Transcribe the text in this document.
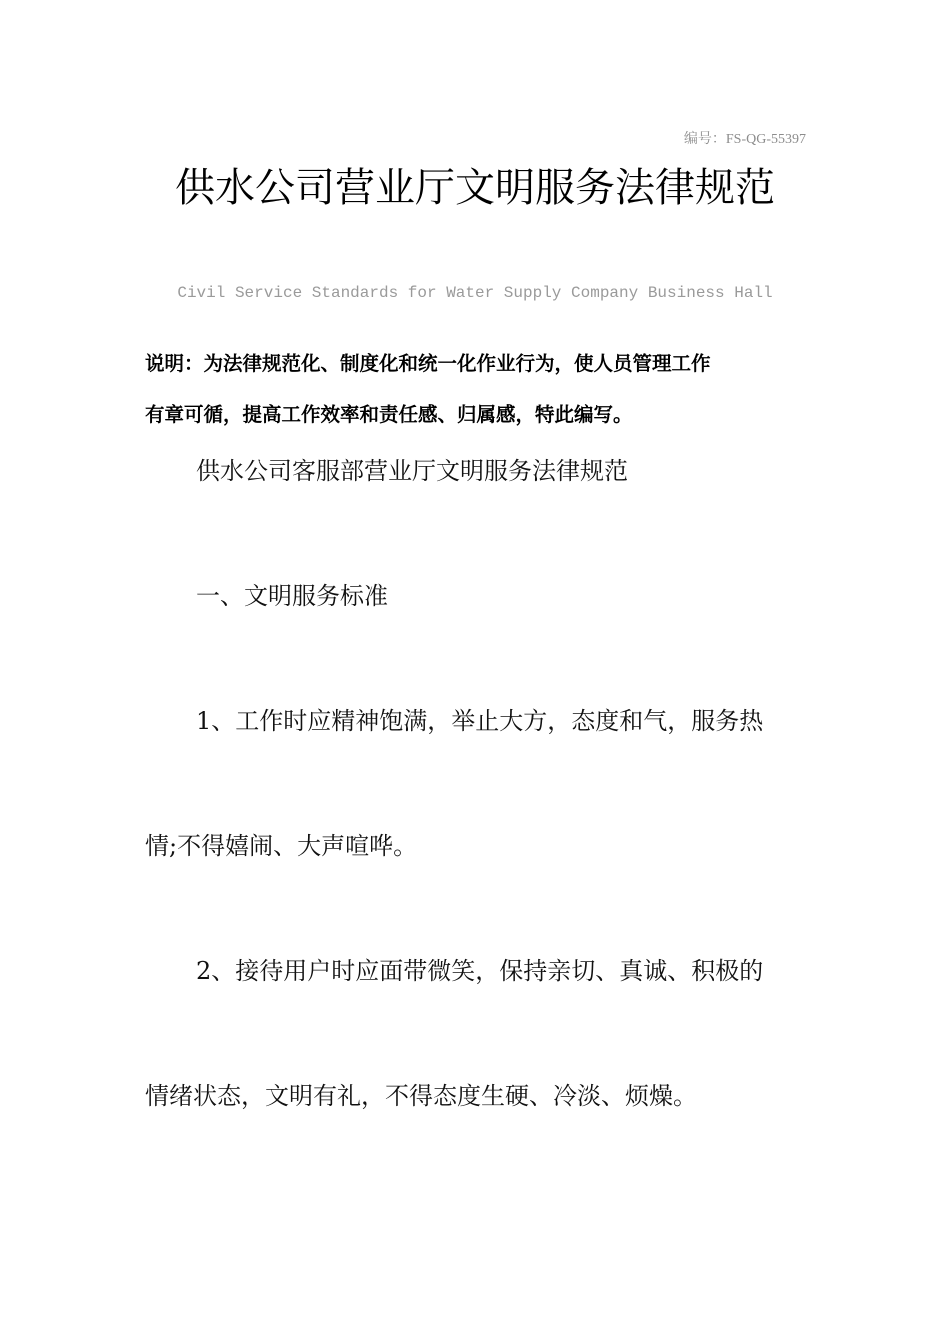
编号：FS-QG-55397
供水公司营业厅文明服务法律规范
Civil Service Standards for Water Supply Company Business Hall
说明：为法律规范化、制度化和统一化作业行为，使人员管理工作
有章可循，提高工作效率和责任感、归属感，特此编写。
供水公司客服部营业厅文明服务法律规范
一、文明服务标准
1、工作时应精神饱满，举止大方，态度和气，服务热
情;不得嬉闹、大声喧哗。
2、接待用户时应面带微笑，保持亲切、真诚、积极的
情绪状态，文明有礼，不得态度生硬、冷淡、烦燥。
